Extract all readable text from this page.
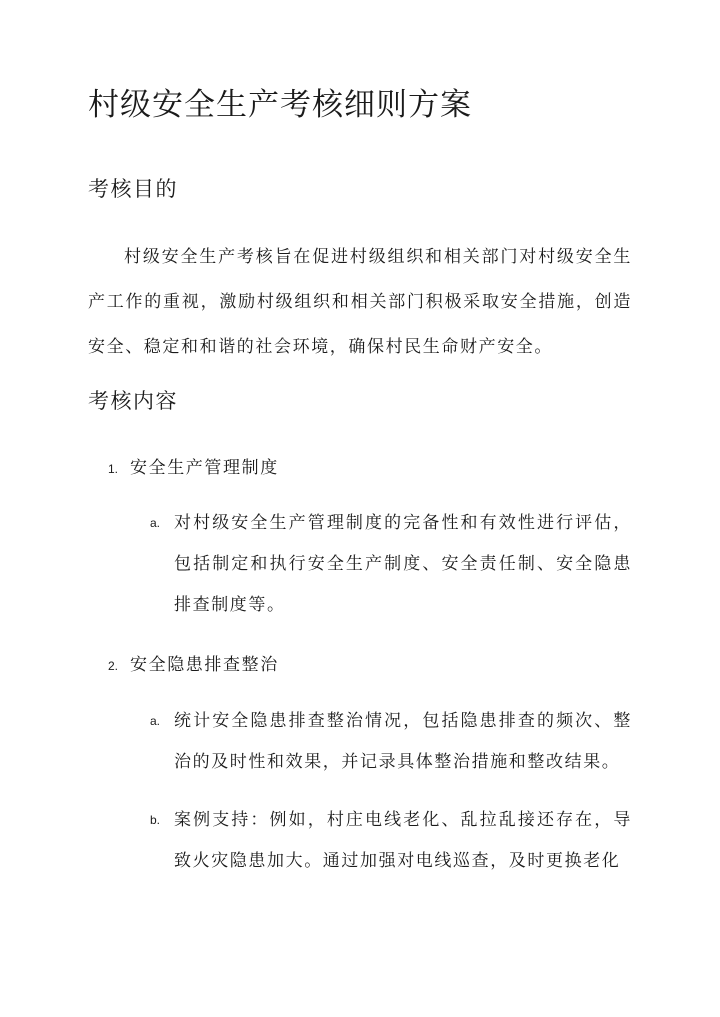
村级安全生产考核细则方案
考核目的

村级安全生产考核旨在促进村级组织和相关部门对村级安全生产工作的重视，激励村级组织和相关部门积极采取安全措施，创造安全、稳定和和谐的社会环境，确保村民生命财产安全。

考核内容

1. 安全生产管理制度

a. 对村级安全生产管理制度的完备性和有效性进行评估，包括制定和执行安全生产制度、安全责任制、安全隐患排查制度等。

2. 安全隐患排查整治

a. 统计安全隐患排查整治情况，包括隐患排查的频次、整治的及时性和效果，并记录具体整治措施和整改结果。

b. 案例支持：例如，村庄电线老化、乱拉乱接还存在，导致火灾隐患加大。通过加强对电线巡查，及时更换老化
